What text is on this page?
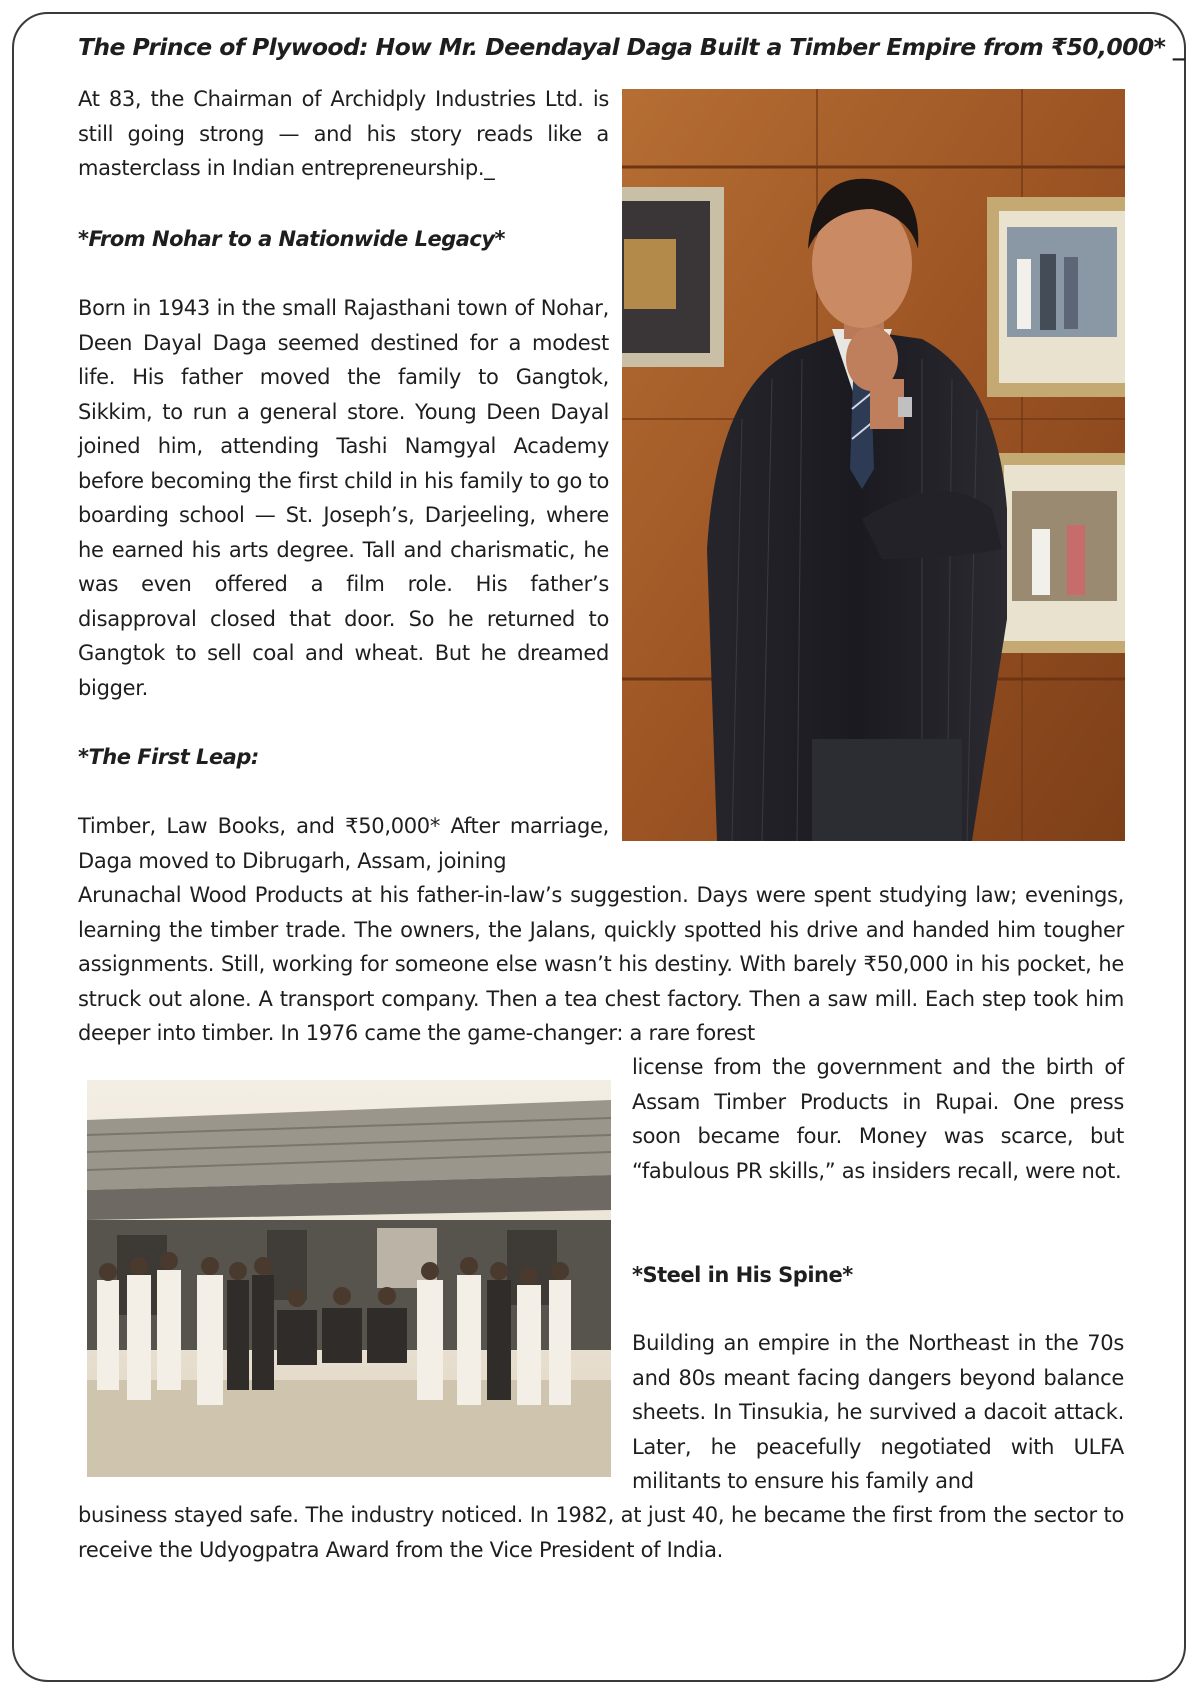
The Prince of Plywood: How Mr. Deendayal Daga Built a Timber Empire from ₹50,000* _
At 83, the Chairman of Archidply Industries Ltd. is still going strong — and his story reads like a masterclass in Indian entrepreneurship._
*From Nohar to a Nationwide Legacy*
Born in 1943 in the small Rajasthani town of Nohar, Deen Dayal Daga seemed destined for a modest life. His father moved the family to Gangtok, Sikkim, to run a general store. Young Deen Dayal joined him, attending Tashi Namgyal Academy before becoming the first child in his family to go to boarding school — St. Joseph’s, Darjeeling, where he earned his arts degree. Tall and charismatic, he was even offered a film role. His father’s disapproval closed that door. So he returned to Gangtok to sell coal and wheat. But he dreamed bigger.
*The First Leap:
Timber, Law Books, and ₹50,000* After marriage, Daga moved to Dibrugarh, Assam, joining
Arunachal Wood Products at his father-in-law’s suggestion. Days were spent studying law; evenings, learning the timber trade. The owners, the Jalans, quickly spotted his drive and handed him tougher assignments. Still, working for someone else wasn’t his destiny. With barely ₹50,000 in his pocket, he struck out alone. A transport company. Then a tea chest factory. Then a saw mill. Each step took him deeper into timber. In 1976 came the game-changer: a rare forest
license from the government and the birth of Assam Timber Products in Rupai. One press soon became four. Money was scarce, but “fabulous PR skills,” as insiders recall, were not.
*Steel in His Spine*
Building an empire in the Northeast in the 70s and 80s meant facing dangers beyond balance sheets. In Tinsukia, he survived a dacoit attack. Later, he peacefully negotiated with ULFA militants to ensure his family and
business stayed safe. The industry noticed. In 1982, at just 40, he became the first from the sector to receive the Udyogpatra Award from the Vice President of India.
